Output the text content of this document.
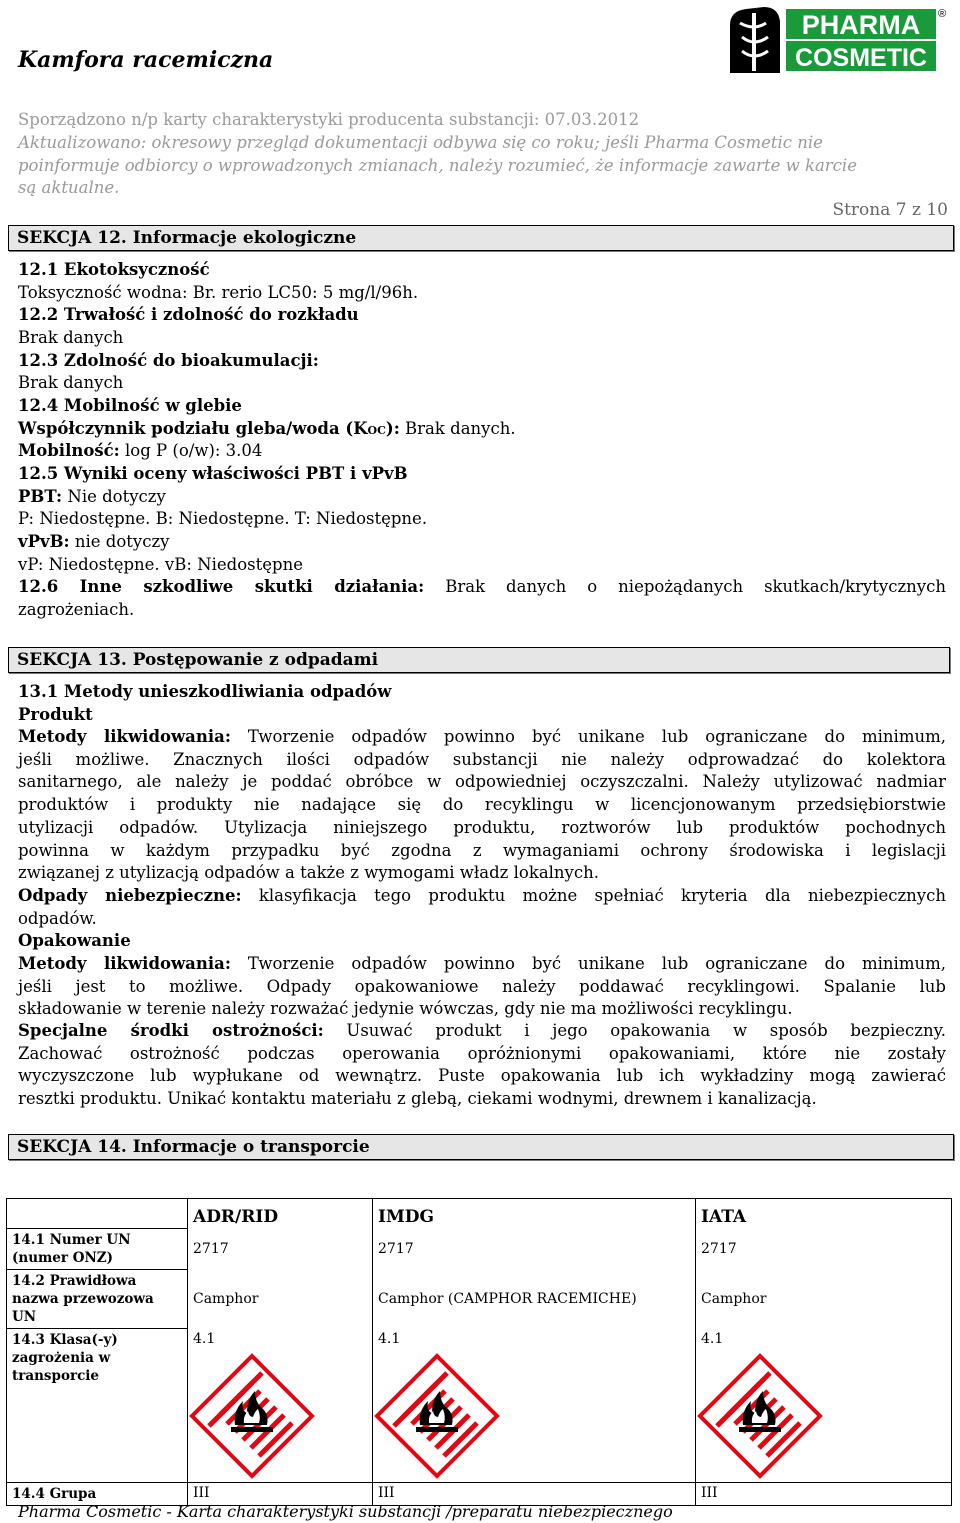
Kamfora racemiczna
Sporządzono n/p karty charakterystyki producenta substancji: 07.03.2012
Aktualizowano: okresowy przegląd dokumentacji odbywa się co roku; jeśli Pharma Cosmetic nie
poinformuje odbiorcy o wprowadzonych zmianach, należy rozumieć, że informacje zawarte w karcie
są aktualne.
Strona 7 z 10
PHARMA
COSMETIC
®
SEKCJA 12. Informacje ekologiczne
12.1 Ekotoksyczność
Toksyczność wodna: Br. rerio LC50: 5 mg/l/96h.
12.2 Trwałość i zdolność do rozkładu
Brak danych
12.3 Zdolność do bioakumulacji:
Brak danych
12.4 Mobilność w glebie
Współczynnik podziału gleba/woda (KOC): Brak danych.
Mobilność: log P (o/w): 3.04
12.5 Wyniki oceny właściwości PBT i vPvB
PBT: Nie dotyczy
P: Niedostępne. B: Niedostępne. T: Niedostępne.
vPvB: nie dotyczy
vP: Niedostępne. vB: Niedostępne
12.6 Inne szkodliwe skutki działania: Brak danych o niepożądanych skutkach/krytycznych
zagrożeniach.
SEKCJA 13. Postępowanie z odpadami
13.1 Metody unieszkodliwiania odpadów
Produkt
Metody likwidowania: Tworzenie odpadów powinno być unikane lub ograniczane do minimum,
jeśli możliwe. Znacznych ilości odpadów substancji nie należy odprowadzać do kolektora
sanitarnego, ale należy je poddać obróbce w odpowiedniej oczyszczalni. Należy utylizować nadmiar
produktów i produkty nie nadające się do recyklingu w licencjonowanym przedsiębiorstwie
utylizacji odpadów. Utylizacja niniejszego produktu, roztworów lub produktów pochodnych
powinna w każdym przypadku być zgodna z wymaganiami ochrony środowiska i legislacji
związanej z utylizacją odpadów a także z wymogami władz lokalnych.
Odpady niebezpieczne: klasyfikacja tego produktu możne spełniać kryteria dla niebezpiecznych
odpadów.
Opakowanie
Metody likwidowania: Tworzenie odpadów powinno być unikane lub ograniczane do minimum,
jeśli jest to możliwe. Odpady opakowaniowe należy poddawać recyklingowi. Spalanie lub
składowanie w terenie należy rozważać jedynie wówczas, gdy nie ma możliwości recyklingu.
Specjalne środki ostrożności: Usuwać produkt i jego opakowania w sposób bezpieczny.
Zachować ostrożność podczas operowania opróżnionymi opakowaniami, które nie zostały
wyczyszczone lub wypłukane od wewnątrz. Puste opakowania lub ich wykładziny mogą zawierać
resztki produktu. Unikać kontaktu materiału z glebą, ciekami wodnymi, drewnem i kanalizacją.
SEKCJA 14. Informacje o transporcie
	ADR/RID	IMDG	IATA
14.1 Numer UN (numer ONZ)	2717	2717	2717
14.2 Prawidłowa nazwa przewozowa UN	Camphor	Camphor (CAMPHOR RACEMICHE)	Camphor
14.3 Klasa(-y) zagrożenia w transporcie	4.1	4.1	4.1

14.4 Grupa	III	III	III
Pharma Cosmetic - Karta charakterystyki substancji /preparatu niebezpiecznego
